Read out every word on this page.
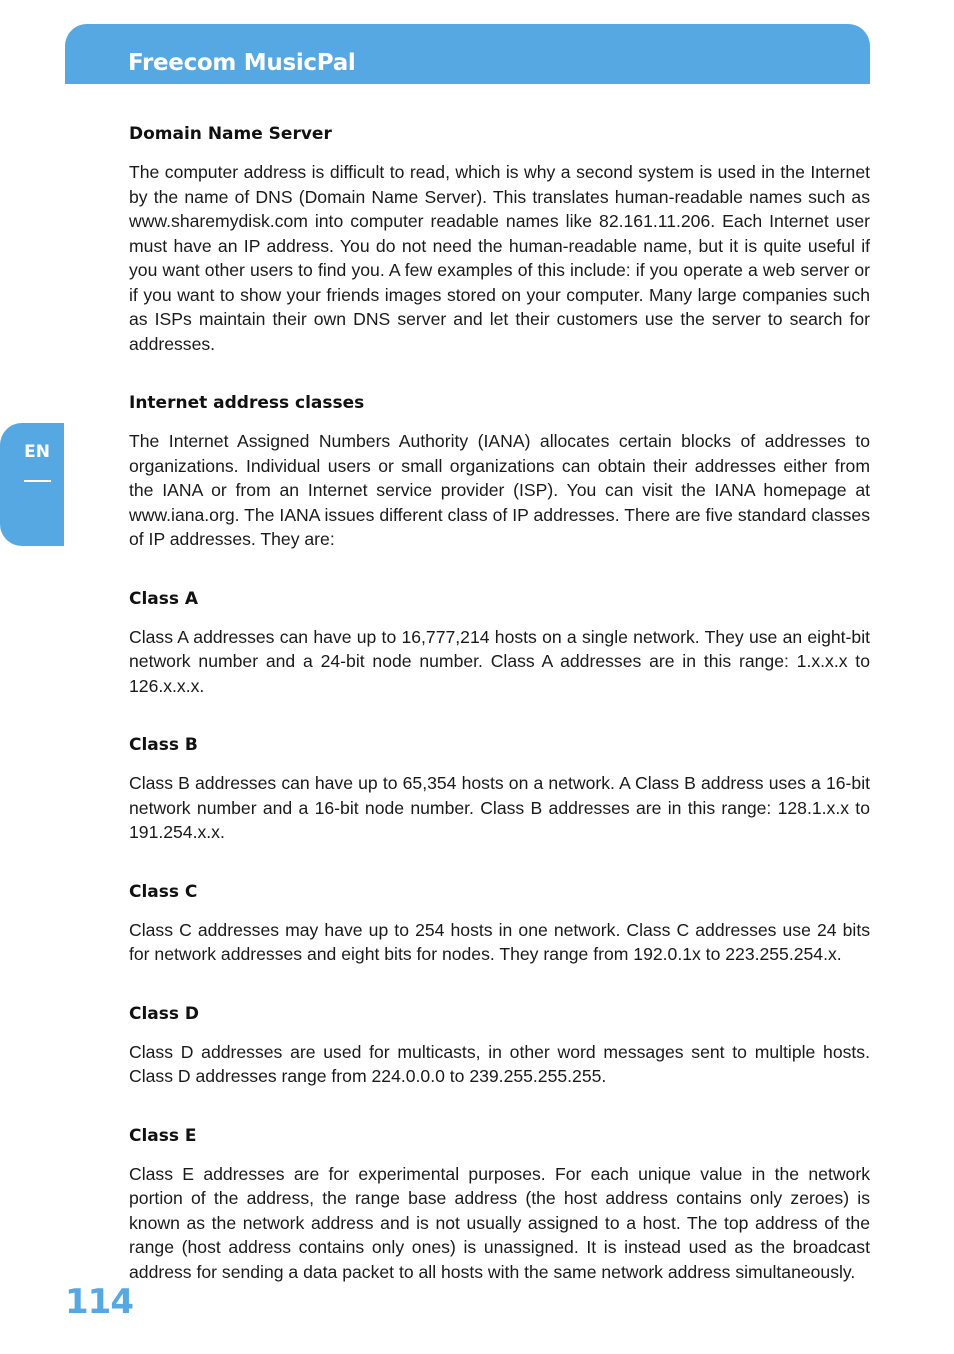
Freecom MusicPal
EN
Domain Name Server

The computer address is difficult to read, which is why a second system is used in the Internet by the name of DNS (Domain Name Server). This translates human-readable names such as www.sharemydisk.com into computer readable names like 82.161.11.206. Each Internet user must have an IP address. You do not need the human-readable name, but it is quite useful if you want other users to find you. A few examples of this include: if you operate a web server or if you want to show your friends images stored on your computer. Many large companies such as ISPs maintain their own DNS server and let their customers use the server to search for addresses.

Internet address classes

The Internet Assigned Numbers Authority (IANA) allocates certain blocks of addresses to organizations. Individual users or small organizations can obtain their addresses either from the IANA or from an Internet service provider (ISP). You can visit the IANA homepage at www.iana.org. The IANA issues different class of IP addresses. There are five standard classes of IP addresses. They are:

Class A

Class A addresses can have up to 16,777,214 hosts on a single network. They use an eight-bit network number and a 24-bit node number. Class A addresses are in this range: 1.x.x.x to 126.x.x.x.

Class B

Class B addresses can have up to 65,354 hosts on a network. A Class B address uses a 16-bit network number and a 16-bit node number. Class B addresses are in this range: 128.1.x.x to 191.254.x.x.

Class C

Class C addresses may have up to 254 hosts in one network. Class C addresses use 24 bits for network addresses and eight bits for nodes. They range from 192.0.1x to 223.255.254.x.

Class D

Class D addresses are used for multicasts, in other word messages sent to multiple hosts. Class D addresses range from 224.0.0.0 to 239.255.255.255.

Class E

Class E addresses are for experimental purposes. For each unique value in the network portion of the address, the range base address (the host address contains only zeroes) is known as the network address and is not usually assigned to a host. The top address of the range (host address contains only ones) is unassigned. It is instead used as the broadcast address for sending a data packet to all hosts with the same network address simultaneously.

114
